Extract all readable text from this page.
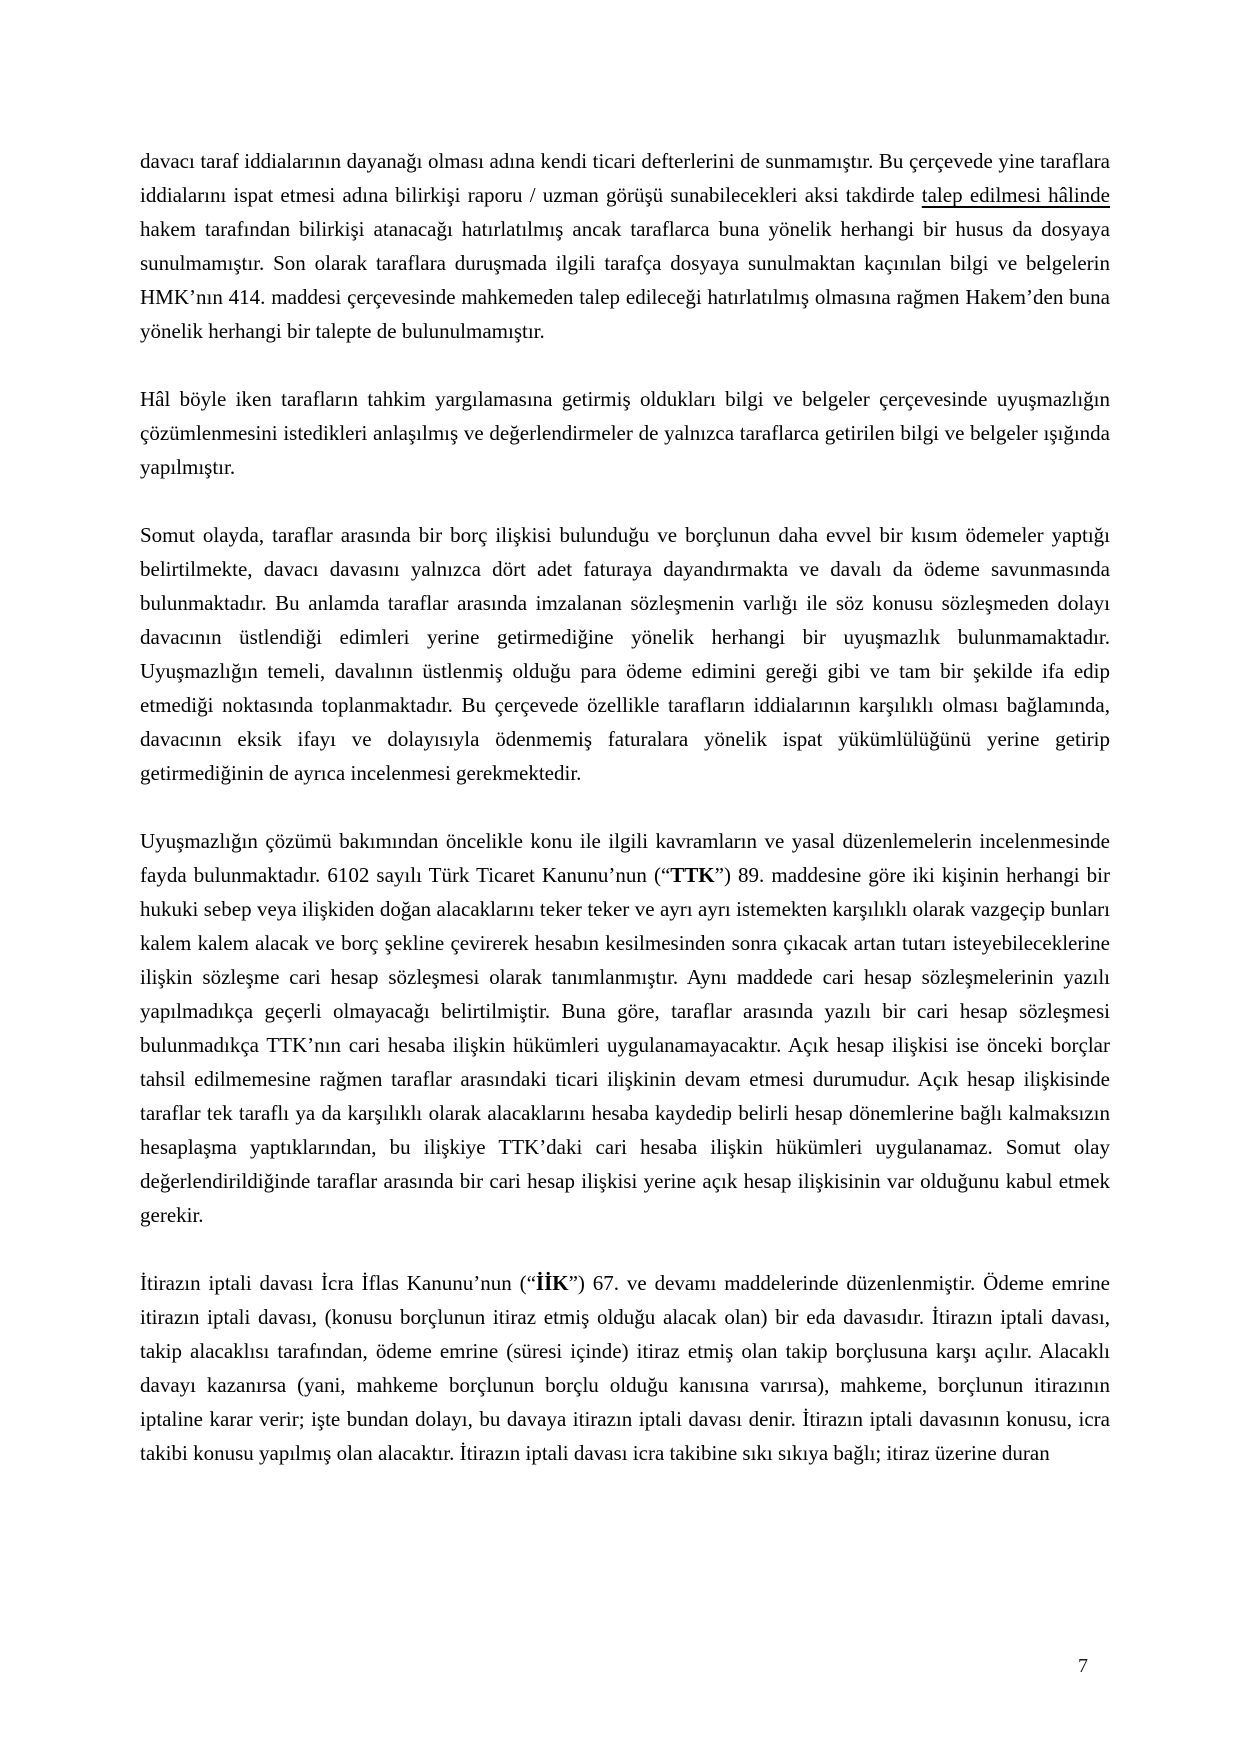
davacı taraf iddialarının dayanağı olması adına kendi ticari defterlerini de sunmamıştır. Bu çerçevede yine taraflara iddialarını ispat etmesi adına bilirkişi raporu / uzman görüşü sunabilecekleri aksi takdirde talep edilmesi hâlinde hakem tarafından bilirkişi atanacağı hatırlatılmış ancak taraflarca buna yönelik herhangi bir husus da dosyaya sunulmamıştır. Son olarak taraflara duruşmada ilgili tarafça dosyaya sunulmaktan kaçınılan bilgi ve belgelerin HMK’nın 414. maddesi çerçevesinde mahkemeden talep edileceği hatırlatılmış olmasına rağmen Hakem’den buna yönelik herhangi bir talepte de bulunulmamıştır.

Hâl böyle iken tarafların tahkim yargılamasına getirmiş oldukları bilgi ve belgeler çerçevesinde uyuşmazlığın çözümlenmesini istedikleri anlaşılmış ve değerlendirmeler de yalnızca taraflarca getirilen bilgi ve belgeler ışığında yapılmıştır.

Somut olayda, taraflar arasında bir borç ilişkisi bulunduğu ve borçlunun daha evvel bir kısım ödemeler yaptığı belirtilmekte, davacı davasını yalnızca dört adet faturaya dayandırmakta ve davalı da ödeme savunmasında bulunmaktadır. Bu anlamda taraflar arasında imzalanan sözleşmenin varlığı ile söz konusu sözleşmeden dolayı davacının üstlendiği edimleri yerine getirmediğine yönelik herhangi bir uyuşmazlık bulunmamaktadır. Uyuşmazlığın temeli, davalının üstlenmiş olduğu para ödeme edimini gereği gibi ve tam bir şekilde ifa edip etmediği noktasında toplanmaktadır. Bu çerçevede özellikle tarafların iddialarının karşılıklı olması bağlamında, davacının eksik ifayı ve dolayısıyla ödenmemiş faturalara yönelik ispat yükümlülüğünü yerine getirip getirmediğinin de ayrıca incelenmesi gerekmektedir.

Uyuşmazlığın çözümü bakımından öncelikle konu ile ilgili kavramların ve yasal düzenlemelerin incelenmesinde fayda bulunmaktadır. 6102 sayılı Türk Ticaret Kanunu’nun (“TTK”) 89. maddesine göre iki kişinin herhangi bir hukuki sebep veya ilişkiden doğan alacaklarını teker teker ve ayrı ayrı istemekten karşılıklı olarak vazgeçip bunları kalem kalem alacak ve borç şekline çevirerek hesabın kesilmesinden sonra çıkacak artan tutarı isteyebileceklerine ilişkin sözleşme cari hesap sözleşmesi olarak tanımlanmıştır. Aynı maddede cari hesap sözleşmelerinin yazılı yapılmadıkça geçerli olmayacağı belirtilmiştir. Buna göre, taraflar arasında yazılı bir cari hesap sözleşmesi bulunmadıkça TTK’nın cari hesaba ilişkin hükümleri uygulanamayacaktır. Açık hesap ilişkisi ise önceki borçlar tahsil edilmemesine rağmen taraflar arasındaki ticari ilişkinin devam etmesi durumudur. Açık hesap ilişkisinde taraflar tek taraflı ya da karşılıklı olarak alacaklarını hesaba kaydedip belirli hesap dönemlerine bağlı kalmaksızın hesaplaşma yaptıklarından, bu ilişkiye TTK’daki cari hesaba ilişkin hükümleri uygulanamaz. Somut olay değerlendirildiğinde taraflar arasında bir cari hesap ilişkisi yerine açık hesap ilişkisinin var olduğunu kabul etmek gerekir.

İtirazın iptali davası İcra İflas Kanunu’nun (“İİK”) 67. ve devamı maddelerinde düzenlenmiştir. Ödeme emrine itirazın iptali davası, (konusu borçlunun itiraz etmiş olduğu alacak olan) bir eda davasıdır. İtirazın iptali davası, takip alacaklısı tarafından, ödeme emrine (süresi içinde) itiraz etmiş olan takip borçlusuna karşı açılır. Alacaklı davayı kazanırsa (yani, mahkeme borçlunun borçlu olduğu kanısına varırsa), mahkeme, borçlunun itirazının iptaline karar verir; işte bundan dolayı, bu davaya itirazın iptali davası denir. İtirazın iptali davasının konusu, icra takibi konusu yapılmış olan alacaktır. İtirazın iptali davası icra takibine sıkı sıkıya bağlı; itiraz üzerine duran

7
